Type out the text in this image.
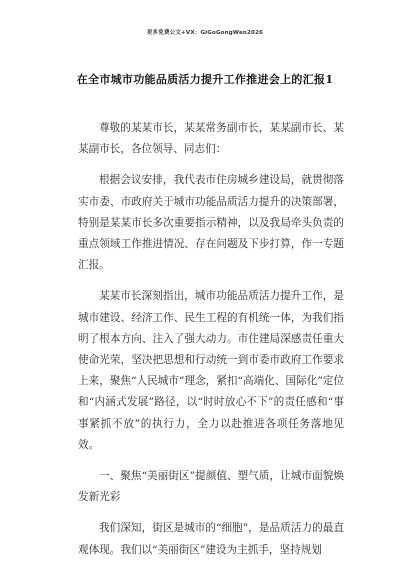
更多免费公文+VX：GiGoGongWen2026
在全市城市功能品质活力提升工作推进会上的汇报1

尊敬的某某市长，某某常务副市长，某某副市长、某某副市长，各位领导、同志们：

根据会议安排，我代表市住房城乡建设局，就贯彻落实市委、市政府关于城市功能品质活力提升的决策部署，特别是某某市长多次重要指示精神，以及我局牵头负责的重点领域工作推进情况、存在问题及下步打算，作一专题汇报。

某某市长深刻指出，城市功能品质活力提升工作，是城市建设、经济工作、民生工程的有机统一体，为我们指明了根本方向、注入了强大动力。市住建局深感责任重大使命光荣，坚决把思想和行动统一到市委市政府工作要求上来，聚焦“人民城市”理念，紧扣“高端化、国际化”定位和“内涵式发展”路径，以“时时放心不下”的责任感和“事事紧抓不放”的执行力，全力以赴推进各项任务落地见效。

一、聚焦“美丽街区”提颜值、塑气质，让城市面貌焕发新光彩

我们深知，街区是城市的“细胞”，是品质活力的最直观体现。我们以“美丽街区”建设为主抓手，坚持规划
